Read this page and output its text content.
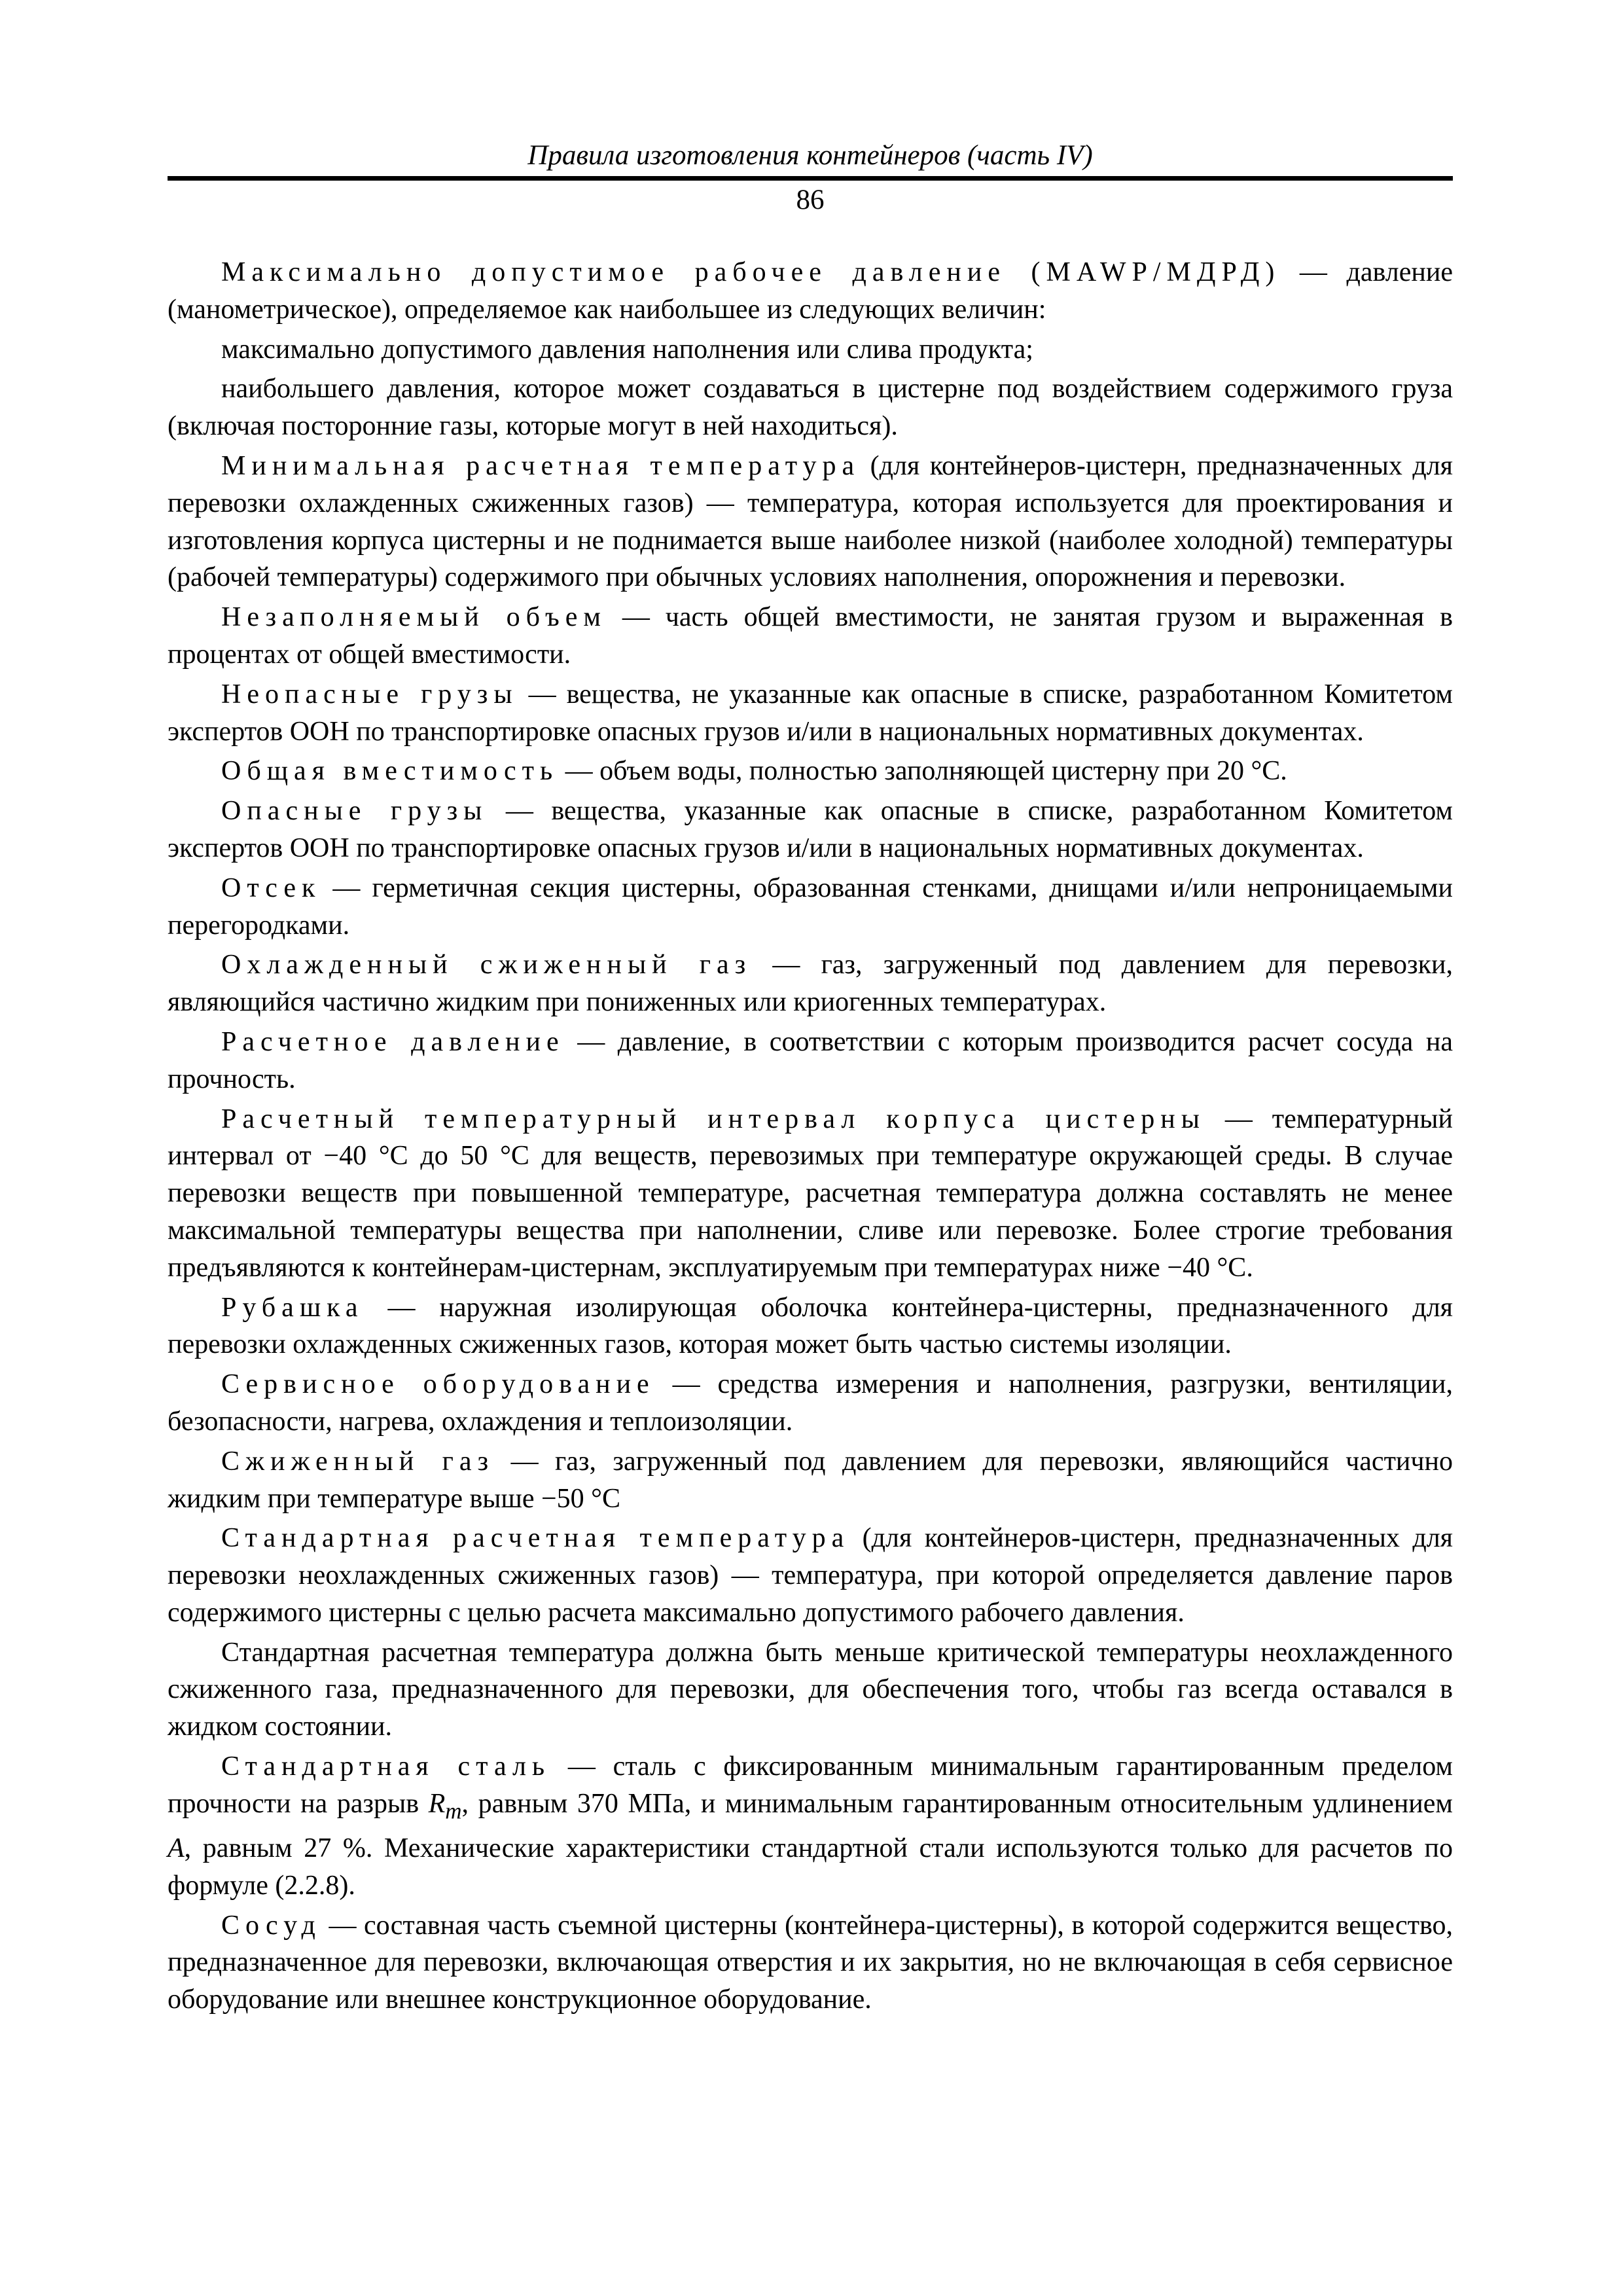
Правила изготовления контейнеров (часть IV)
86

Максимально допустимое рабочее давление (MAWP/МДРД) — давление (манометрическое), определяемое как наибольшее из следующих величин:

максимально допустимого давления наполнения или слива продукта;

наибольшего давления, которое может создаваться в цистерне под воздействием содержимого груза (включая посторонние газы, которые могут в ней находиться).

Минимальная расчетная температура (для контейнеров-цистерн, предназначенных для перевозки охлажденных сжиженных газов) — температура, которая используется для проектирования и изготовления корпуса цистерны и не поднимается выше наиболее низкой (наиболее холодной) температуры (рабочей температуры) содержимого при обычных условиях наполнения, опорожнения и перевозки.

Незаполняемый объем — часть общей вместимости, не занятая грузом и выраженная в процентах от общей вместимости.

Неопасные грузы — вещества, не указанные как опасные в списке, разработанном Комитетом экспертов ООН по транспортировке опасных грузов и/или в национальных нормативных документах.

Общая вместимость — объем воды, полностью заполняющей цистерну при 20 °С.

Опасные грузы — вещества, указанные как опасные в списке, разработанном Комитетом экспертов ООН по транспортировке опасных грузов и/или в национальных нормативных документах.

Отсек — герметичная секция цистерны, образованная стенками, днищами и/или непроницаемыми перегородками.

Охлажденный сжиженный газ — газ, загруженный под давлением для перевозки, являющийся частично жидким при пониженных или криогенных температурах.

Расчетное давление — давление, в соответствии с которым производится расчет сосуда на прочность.

Расчетный температурный интервал корпуса цистерны — температурный интервал от −40 °С до 50 °С для веществ, перевозимых при температуре окружающей среды. В случае перевозки веществ при повышенной температуре, расчетная температура должна составлять не менее максимальной температуры вещества при наполнении, сливе или перевозке. Более строгие требования предъявляются к контейнерам-цистернам, эксплуатируемым при температурах ниже −40 °С.

Рубашка — наружная изолирующая оболочка контейнера-цистерны, предназначенного для перевозки охлажденных сжиженных газов, которая может быть частью системы изоляции.

Сервисное оборудование — средства измерения и наполнения, разгрузки, вентиляции, безопасности, нагрева, охлаждения и теплоизоляции.

Сжиженный газ — газ, загруженный под давлением для перевозки, являющийся частично жидким при температуре выше −50 °С

Стандартная расчетная температура (для контейнеров-цистерн, предназначенных для перевозки неохлажденных сжиженных газов) — температура, при которой определяется давление паров содержимого цистерны с целью расчета максимально допустимого рабочего давления.

Стандартная расчетная температура должна быть меньше критической температуры неохлажденного сжиженного газа, предназначенного для перевозки, для обеспечения того, чтобы газ всегда оставался в жидком состоянии.

Стандартная сталь — сталь с фиксированным минимальным гарантированным пределом прочности на разрыв $R_m$, равным 370 МПа, и минимальным гарантированным относительным удлинением A, равным 27 %. Механические характеристики стандартной стали используются только для расчетов по формуле (2.2.8).

Сосуд — составная часть съемной цистерны (контейнера-цистерны), в которой содержится вещество, предназначенное для перевозки, включающая отверстия и их закрытия, но не включающая в себя сервисное оборудование или внешнее конструкционное оборудование.
